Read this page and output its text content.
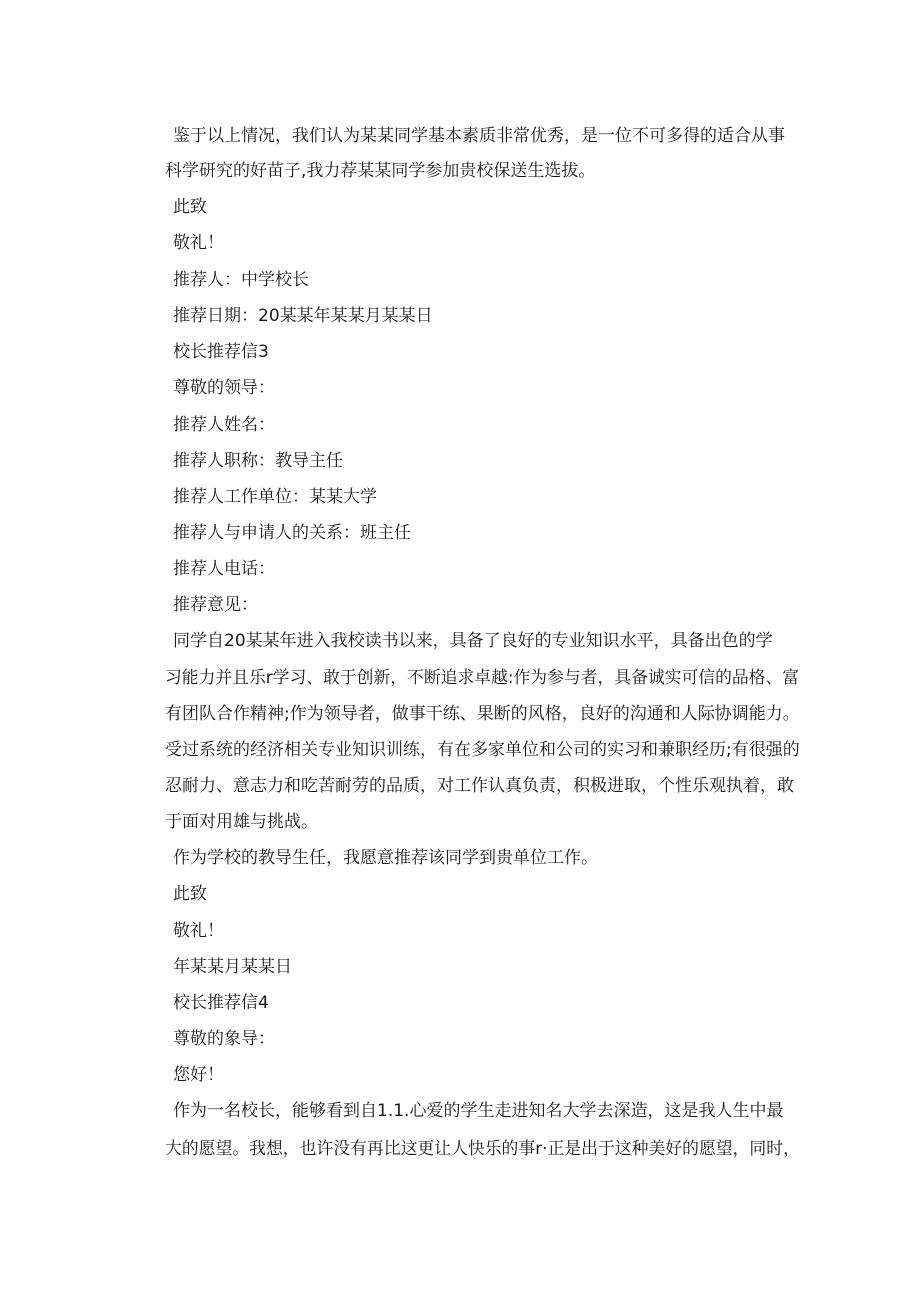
鉴于以上情况，我们认为某某同学基本素质非常优秀，是一位不可多得的适合从事
科学研究的好苗子,我力荐某某同学参加贵校保送生选拔。
此致
敬礼！
推荐人：中学校长
推荐日期：20某某年某某月某某日
校长推荐信3
尊敬的领导：
推荐人姓名：
推荐人职称：教导主任
推荐人工作单位：某某大学
推荐人与申请人的关系：班主任
推荐人电话：
推荐意见：
同学自20某某年进入我校读书以来，具备了良好的专业知识水平，具备出色的学
习能力并且乐r学习、敢于创新，不断追求卓越:作为参与者，具备诚实可信的品格、富
有团队合作精神;作为领导者，做事干练、果断的风格，良好的沟通和人际协调能力。
受过系统的经济相关专业知识训练，有在多家单位和公司的实习和兼职经历;有很强的
忍耐力、意志力和吃苦耐劳的品质，对工作认真负责，积极进取，个性乐观执着，敢
于面对用雄与挑战。
作为学校的教导生任，我愿意推荐该同学到贵单位工作。
此致
敬礼！
年某某月某某日
校长推荐信4
尊敬的象导：
您好！
作为一名校长，能够看到自1.1.心爱的学生走进知名大学去深造，这是我人生中最
大的愿望。我想，也许没有再比这更让人快乐的事r·正是出于这种美好的愿望，同时，
